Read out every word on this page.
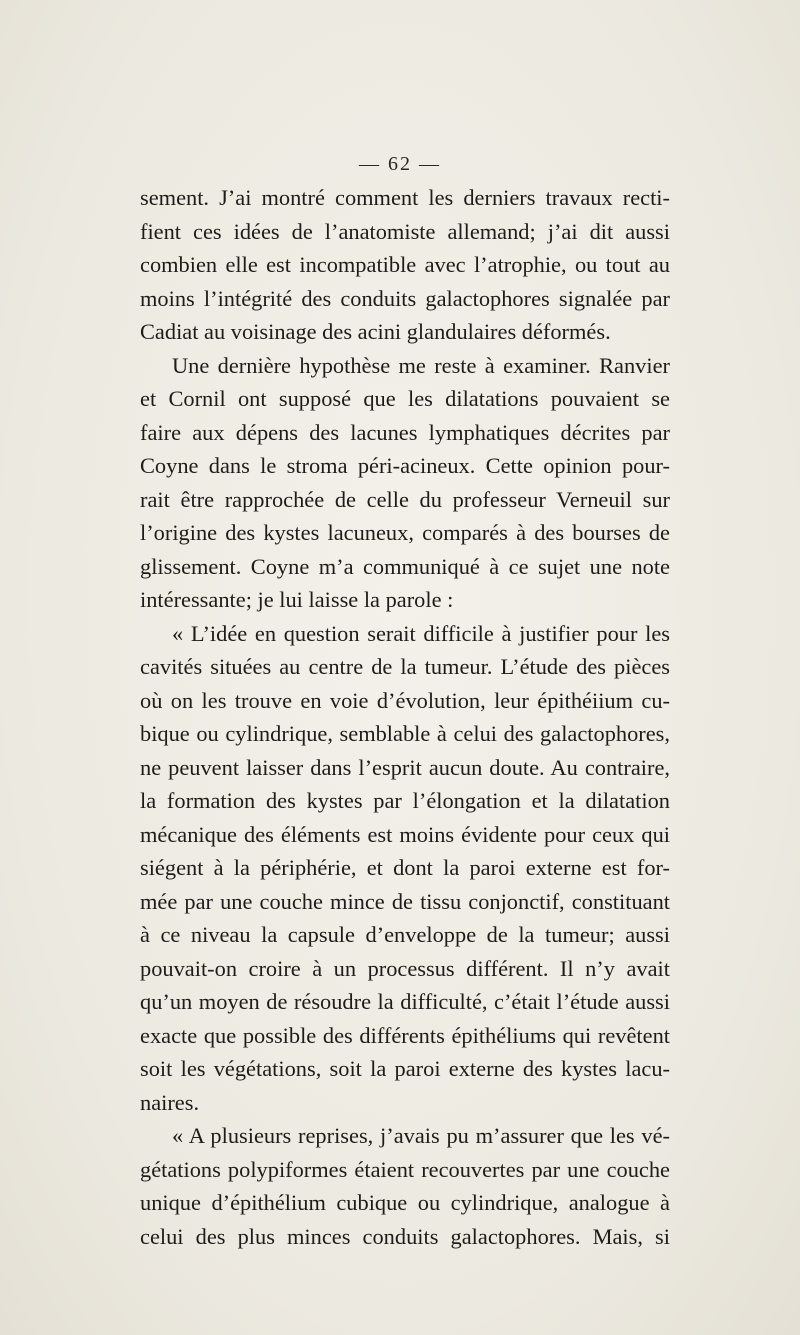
— 62 —
sement. J’ai montré comment les derniers travaux recti-
fient ces idées de l’anatomiste allemand; j’ai dit aussi
combien elle est incompatible avec l’atrophie, ou tout au
moins l’intégrité des conduits galactophores signalée par
Cadiat au voisinage des acini glandulaires déformés.
Une dernière hypothèse me reste à examiner. Ranvier
et Cornil ont supposé que les dilatations pouvaient se
faire aux dépens des lacunes lymphatiques décrites par
Coyne dans le stroma péri-acineux. Cette opinion pour-
rait être rapprochée de celle du professeur Verneuil sur
l’origine des kystes lacuneux, comparés à des bourses de
glissement. Coyne m’a communiqué à ce sujet une note
intéressante; je lui laisse la parole :
« L’idée en question serait difficile à justifier pour les
cavités situées au centre de la tumeur. L’étude des pièces
où on les trouve en voie d’évolution, leur épithéiium cu-
bique ou cylindrique, semblable à celui des galactophores,
ne peuvent laisser dans l’esprit aucun doute. Au contraire,
la formation des kystes par l’élongation et la dilatation
mécanique des éléments est moins évidente pour ceux qui
siégent à la périphérie, et dont la paroi externe est for-
mée par une couche mince de tissu conjonctif, constituant
à ce niveau la capsule d’enveloppe de la tumeur; aussi
pouvait-on croire à un processus différent. Il n’y avait
qu’un moyen de résoudre la difficulté, c’était l’étude aussi
exacte que possible des différents épithéliums qui revêtent
soit les végétations, soit la paroi externe des kystes lacu-
naires.
« A plusieurs reprises, j’avais pu m’assurer que les vé-
gétations polypiformes étaient recouvertes par une couche
unique d’épithélium cubique ou cylindrique, analogue à
celui des plus minces conduits galactophores. Mais, si
